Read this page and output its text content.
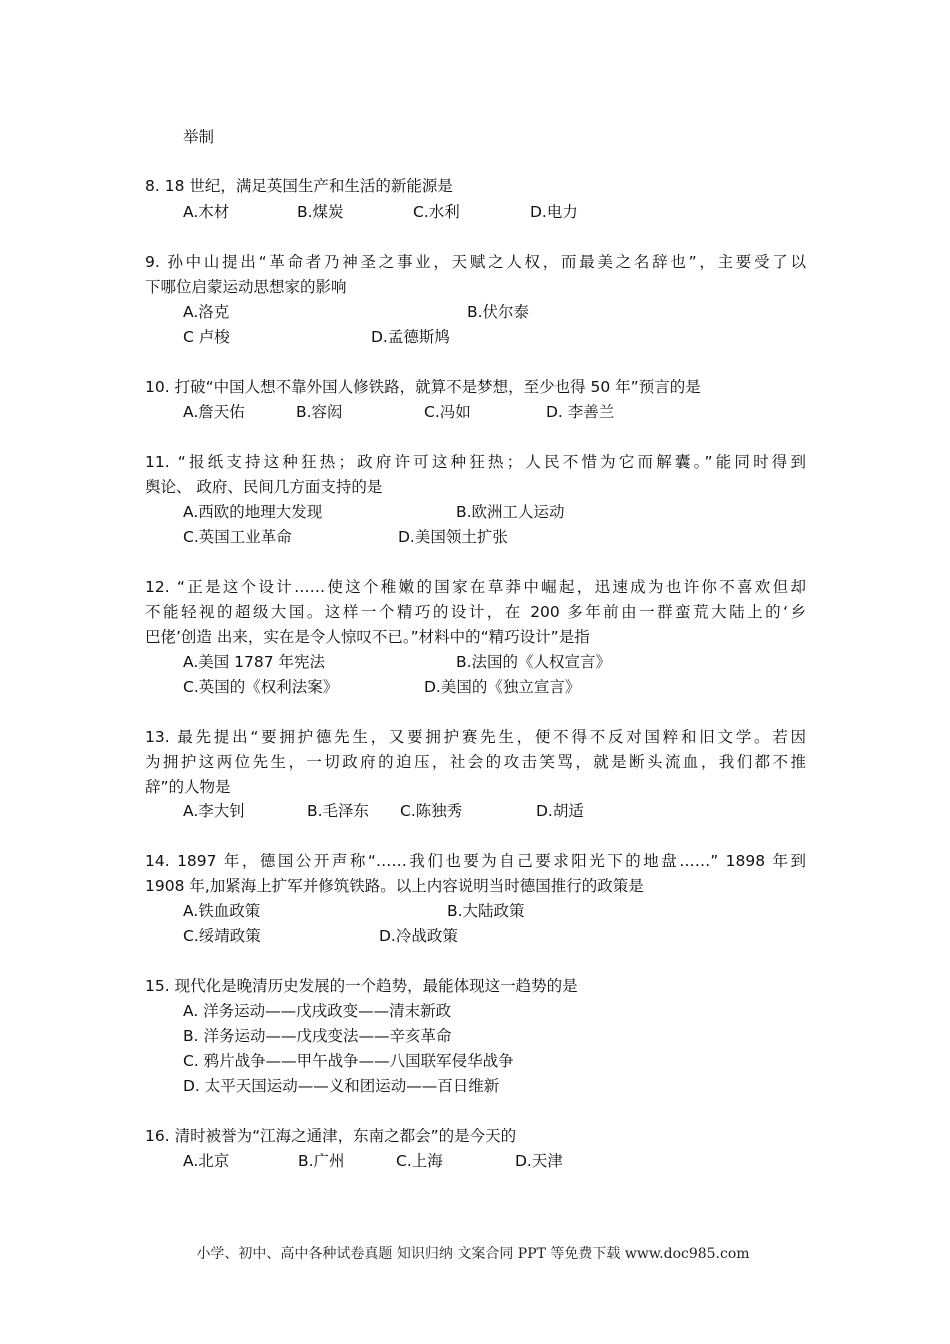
举制
8. 18 世纪，满足英国生产和生活的新能源是
A.木材	B.煤炭	C.水利	D.电力
9. 孙中山提出“革命者乃神圣之事业，天赋之人权，而最美之名辞也”，主要受了以
下哪位启蒙运动思想家的影响
A.洛克	B.伏尔泰
C 卢梭	D.孟德斯鸠
10. 打破“中国人想不靠外国人修铁路，就算不是梦想，至少也得 50 年”预言的是
A.詹天佑	B.容闳	C.冯如	D. 李善兰
11. “报纸支持这种狂热；政府许可这种狂热；人民不惜为它而解囊。”能同时得到
舆论、 政府、民间几方面支持的是
A.西欧的地理大发现	B.欧洲工人运动
C.英国工业革命	D.美国领土扩张
12. “正是这个设计……使这个稚嫩的国家在草莽中崛起，迅速成为也许你不喜欢但却
不能轻视的超级大国。这样一个精巧的设计，在 200 多年前由一群蛮荒大陆上的‘乡
巴佬’创造 出来，实在是令人惊叹不已。”材料中的“精巧设计”是指
A.美国 1787 年宪法	B.法国的《人权宣言》
C.英国的《权利法案》	D.美国的《独立宣言》
13. 最先提出“要拥护德先生，又要拥护赛先生，便不得不反对国粹和旧文学。若因
为拥护这两位先生，一切政府的迫压，社会的攻击笑骂，就是断头流血，我们都不推
辞”的人物是
A.李大钊	B.毛泽东 C.陈独秀	D.胡适
14. 1897 年，德国公开声称“……我们也要为自己要求阳光下的地盘……” 1898 年到
1908 年,加紧海上扩军并修筑铁路。以上内容说明当时德国推行的政策是
A.铁血政策	B.大陆政策
C.绥靖政策	D.冷战政策
15. 现代化是晚清历史发展的一个趋势，最能体现这一趋势的是
A. 洋务运动——戊戌政变——清末新政
B. 洋务运动——戊戌变法——辛亥革命
C. 鸦片战争——甲午战争——八国联军侵华战争
D. 太平天国运动——义和团运动——百日维新
16. 清时被誉为“江海之通津，东南之都会”的是今天的
A.北京	B.广州	C.上海	D.天津
小学、初中、高中各种试卷真题 知识归纳 文案合同 PPT 等免费下载 www.doc985.com
